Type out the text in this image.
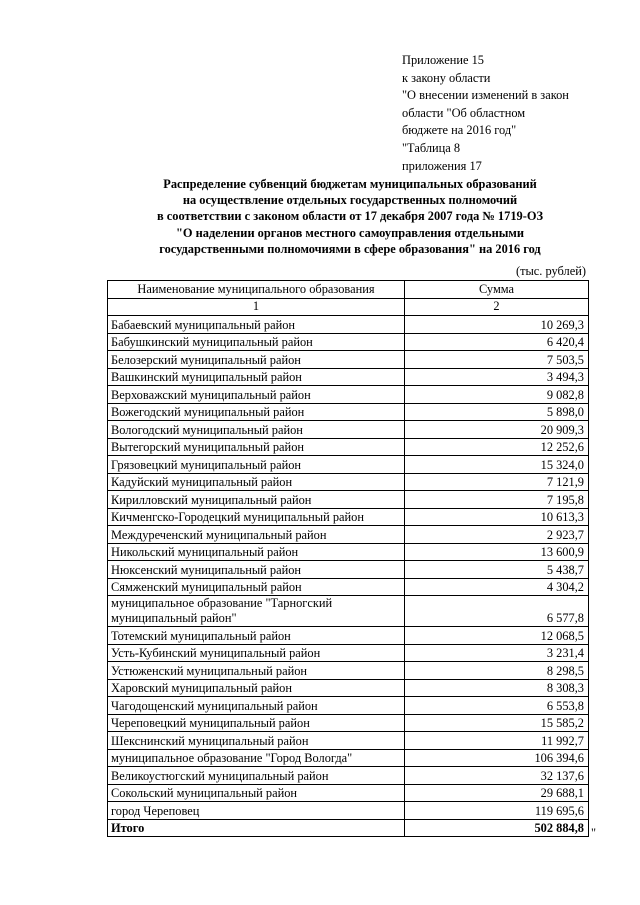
Приложение 15
к закону области
"О внесении изменений в закон
области "Об областном
бюджете на 2016 год"
"Таблица 8
приложения 17
Распределение субвенций бюджетам муниципальных образований
на осуществление отдельных государственных полномочий
в соответствии с законом области от 17 декабря 2007 года № 1719-ОЗ
"О наделении органов местного самоуправления отдельными
государственными полномочиями в сфере образования" на 2016 год
(тыс. рублей)
Наименование муниципального образования	Сумма
1	2
Бабаевский муниципальный район	10 269,3
Бабушкинский муниципальный район	6 420,4
Белозерский муниципальный район	7 503,5
Вашкинский муниципальный район	3 494,3
Верховажский муниципальный район	9 082,8
Вожегодский муниципальный район	5 898,0
Вологодский муниципальный район	20 909,3
Вытегорский муниципальный район	12 252,6
Грязовецкий муниципальный район	15 324,0
Кадуйский муниципальный район	7 121,9
Кирилловский муниципальный район	7 195,8
Кичменгско-Городецкий муниципальный район	10 613,3
Междуреченский муниципальный район	2 923,7
Никольский муниципальный район	13 600,9
Нюксенский муниципальный район	5 438,7
Сямженский муниципальный район	4 304,2
муниципальное образование "Тарногский муниципальный район"	6 577,8
Тотемский муниципальный район	12 068,5
Усть-Кубинский муниципальный район	3 231,4
Устюженский муниципальный район	8 298,5
Харовский муниципальный район	8 308,3
Чагодощенский муниципальный район	6 553,8
Череповецкий муниципальный район	15 585,2
Шекснинский муниципальный район	11 992,7
муниципальное образование "Город Вологда"	106 394,6
Великоустюгский муниципальный район	32 137,6
Сокольский муниципальный район	29 688,1
город Череповец	119 695,6
Итого	502 884,8 "
